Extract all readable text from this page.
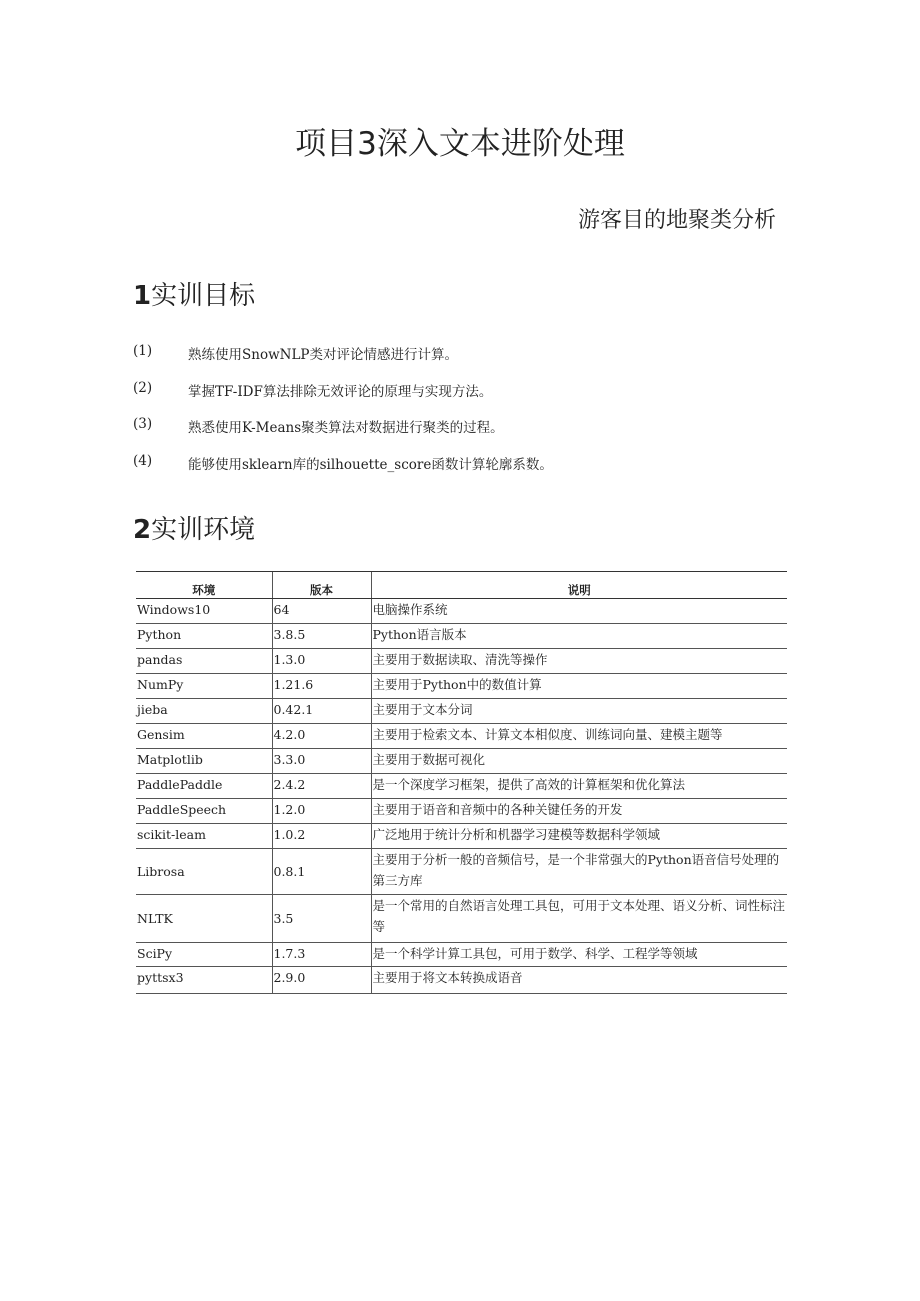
项目3深入文本进阶处理
游客目的地聚类分析
1实训目标
(1)	熟练使用SnowNLP类对评论情感进行计算。
(2)	掌握TF-IDF算法排除无效评论的原理与实现方法。
(3)	熟悉使用K-Means聚类算法对数据进行聚类的过程。
(4)	能够使用sklearn库的silhouette_score函数计算轮廓系数。
2实训环境
环境	版本	说明
Windows10	64	电脑操作系统
Python	3.8.5	Python语言版本
pandas	1.3.0	主要用于数据读取、清洗等操作
NumPy	1.21.6	主要用于Python中的数值计算
jieba	0.42.1	主要用于文本分词
Gensim	4.2.0	主要用于检索文本、计算文本相似度、训练词向量、建模主题等
Matplotlib	3.3.0	主要用于数据可视化
PaddlePaddle	2.4.2	是一个深度学习框架，提供了高效的计算框架和优化算法
PaddleSpeech	1.2.0	主要用于语音和音频中的各种关键任务的开发
scikit-leam	1.0.2	广泛地用于统计分析和机器学习建模等数据科学领域
Librosa	0.8.1	主要用于分析一般的音频信号，是一个非常强大的Python语音信号处理的第三方库
NLTK	3.5	是一个常用的自然语言处理工具包，可用于文本处理、语义分析、词性标注等
SciPy	1.7.3	是一个科学计算工具包，可用于数学、科学、工程学等领域
pyttsx3	2.9.0	主要用于将文本转换成语音
